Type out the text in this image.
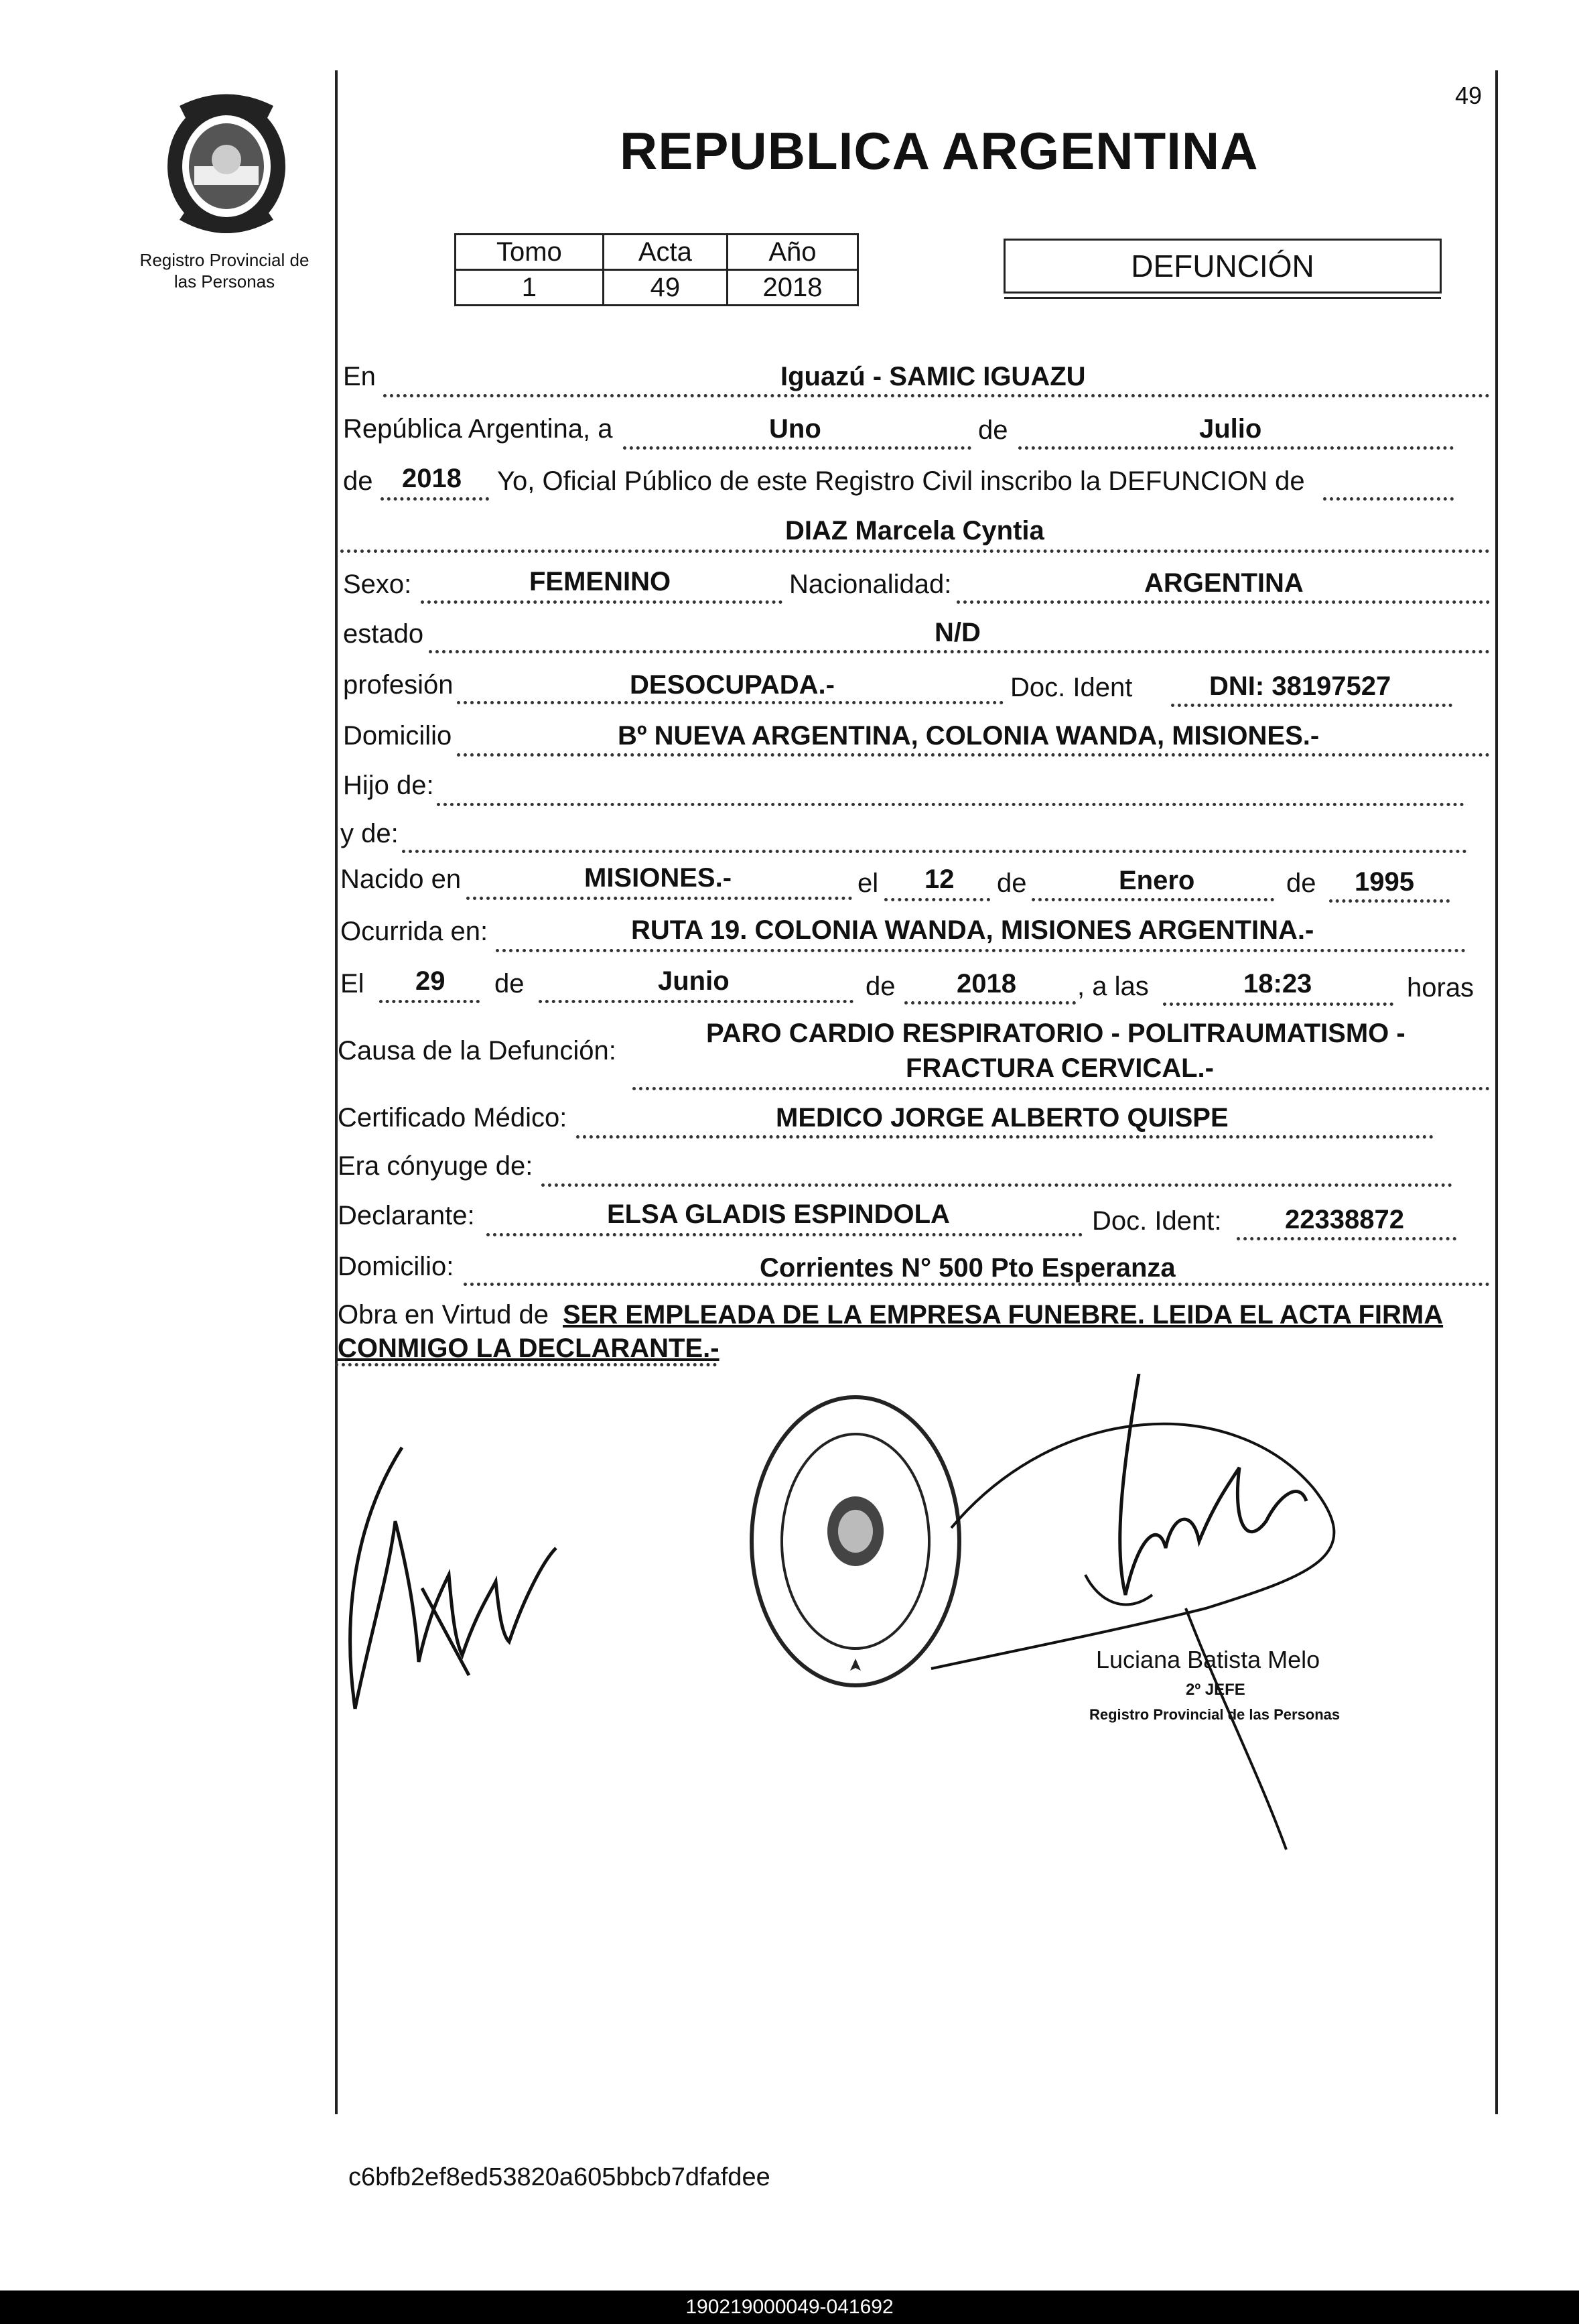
Registro Provincial de
las Personas
49
REPUBLICA ARGENTINA
Tomo	Acta	Año
1	49	2018
DEFUNCIÓN
En	Iguazú - SAMIC IGUAZU
República Argentina, a	Uno	de	Julio
de 2018 Yo, Oficial Público de este Registro Civil inscribo la DEFUNCION de
DIAZ Marcela Cyntia
Sexo:	FEMENINO	Nacionalidad:	ARGENTINA
estado	N/D
profesión	DESOCUPADA.-	Doc. Ident	DNI: 38197527
Domicilio	Bº NUEVA ARGENTINA, COLONIA WANDA, MISIONES.-
Hijo de:
y de:
Nacido en	MISIONES.-	el 12 de	Enero	de 1995
Ocurrida en:	RUTA 19. COLONIA WANDA, MISIONES ARGENTINA.-
El 29 de	Junio	de 2018 , a las	18:23	horas
Causa de la Defunción:
PARO CARDIO RESPIRATORIO - POLITRAUMATISMO -
FRACTURA CERVICAL.-
Certificado Médico:	MEDICO JORGE ALBERTO QUISPE
Era cónyuge de:
Declarante:	ELSA GLADIS ESPINDOLA	Doc. Ident: 22338872
Domicilio:	Corrientes N° 500 Pto Esperanza
Obra en Virtud de SER EMPLEADA DE LA EMPRESA FUNEBRE. LEIDA EL ACTA FIRMA
CONMIGO LA DECLARANTE.-
Luciana Batista Melo
2º JEFE
Registro Provincial de las Personas
c6bfb2ef8ed53820a605bbcb7dfafdee
190219000049-041692
